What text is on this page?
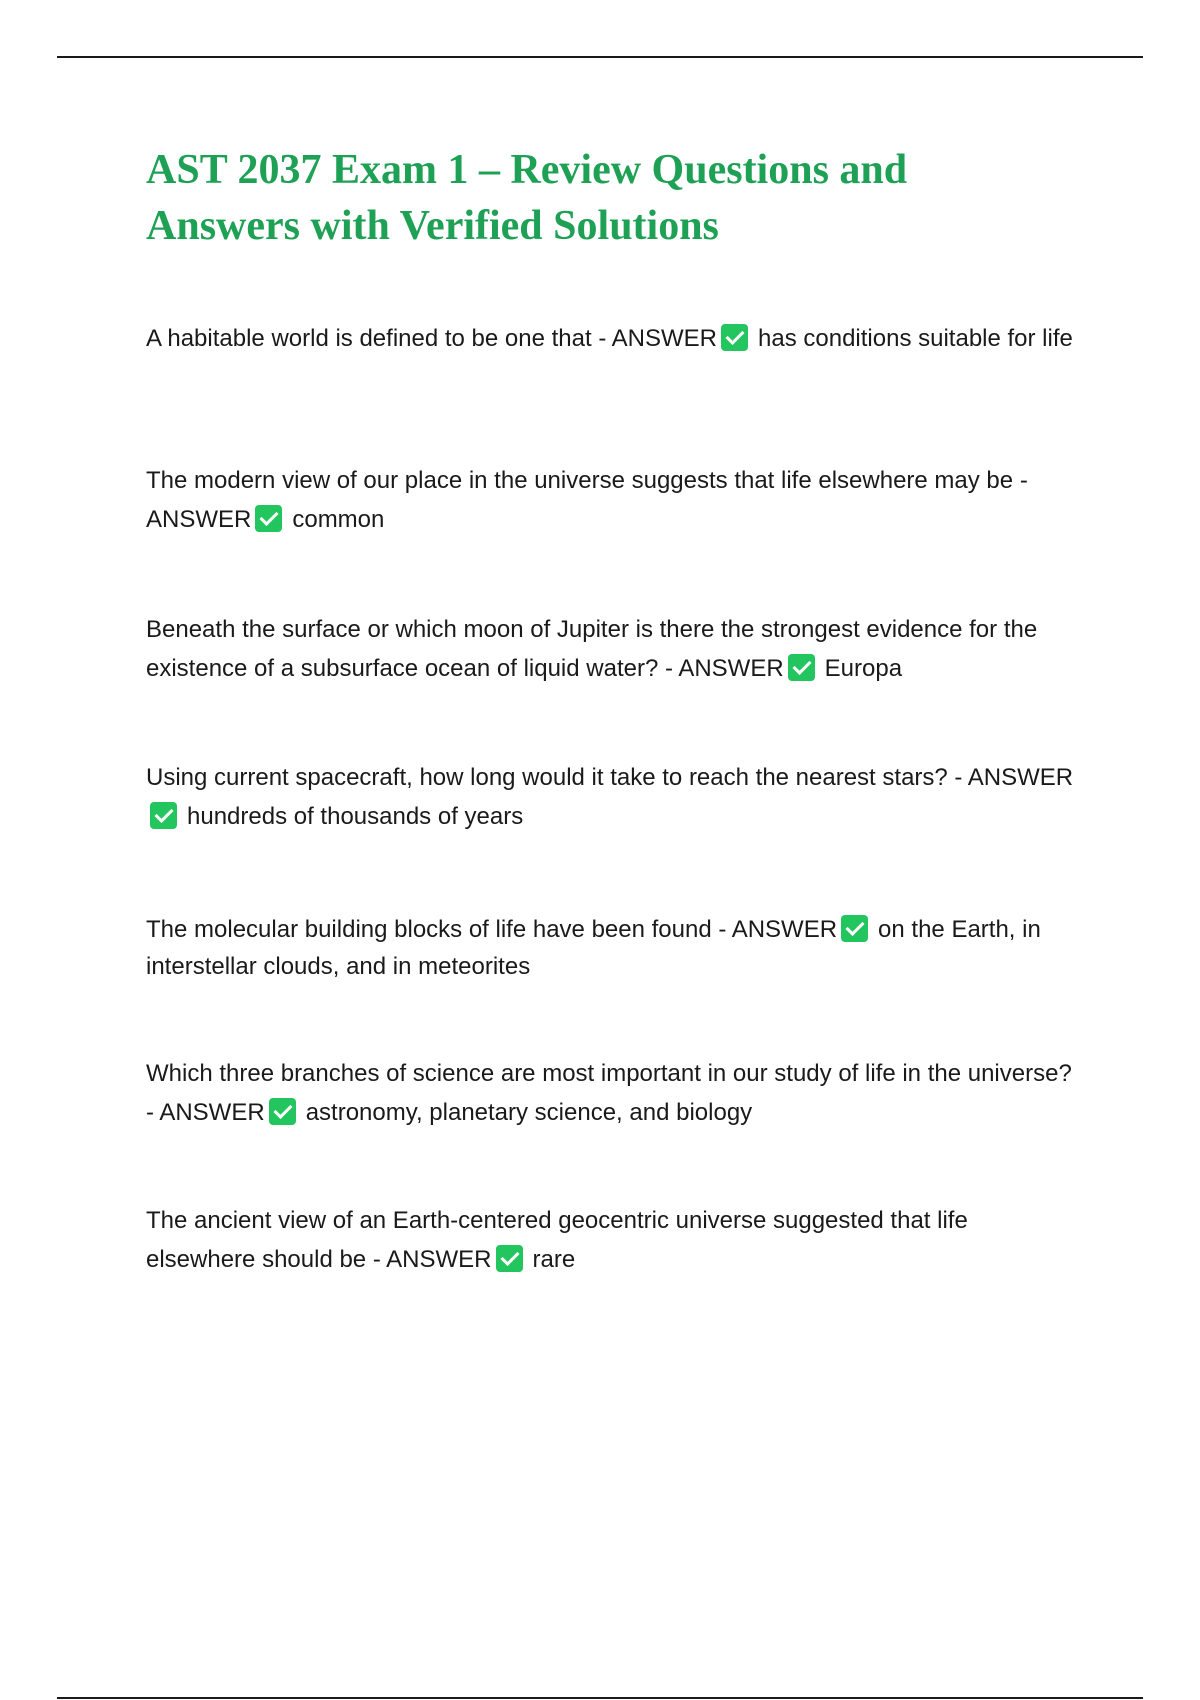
AST 2037 Exam 1 – Review Questions and Answers with Verified Solutions

A habitable world is defined to be one that - ANSWER has conditions suitable for life

The modern view of our place in the universe suggests that life elsewhere may be - ANSWER common

Beneath the surface or which moon of Jupiter is there the strongest evidence for the existence of a subsurface ocean of liquid water? - ANSWER Europa

Using current spacecraft, how long would it take to reach the nearest stars? - ANSWERhundreds of thousands of years

The molecular building blocks of life have been found - ANSWER on the Earth, in interstellar clouds, and in meteorites

Which three branches of science are most important in our study of life in the universe? - ANSWER astronomy, planetary science, and biology

The ancient view of an Earth-centered geocentric universe suggested that life elsewhere should be - ANSWER rare
